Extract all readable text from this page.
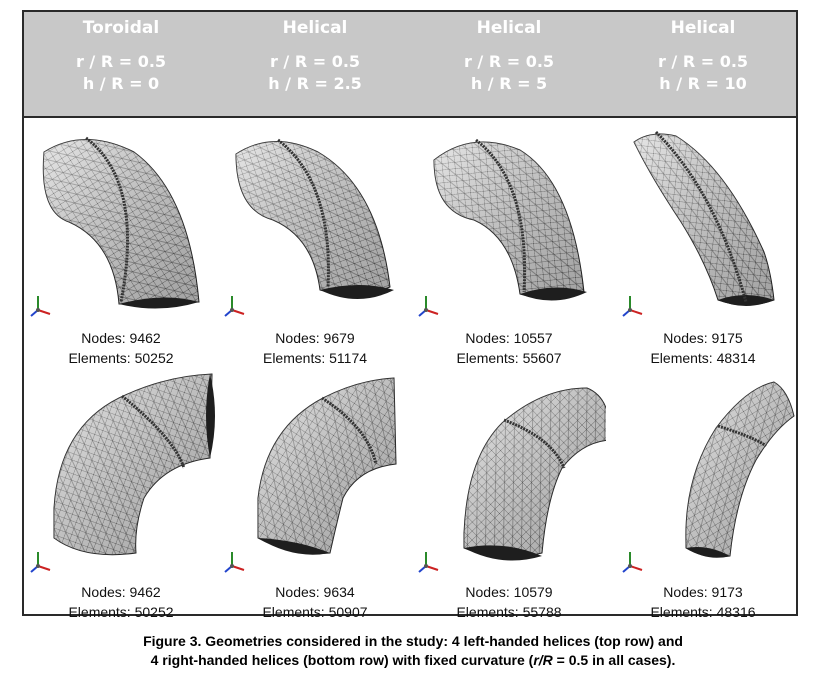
Toroidal
r / R = 0.5
h / R = 0
Helical
r / R = 0.5
h / R = 2.5
Helical
r / R = 0.5
h / R = 5
Helical
r / R = 0.5
h / R = 10
Nodes: 9462
Elements: 50252
Nodes: 9679
Elements: 51174
Nodes: 10557
Elements: 55607
Nodes: 9175
Elements: 48314
Nodes: 9462
Elements: 50252
Nodes: 9634
Elements: 50907
Nodes: 10579
Elements: 55788
Nodes: 9173
Elements: 48316
Figure 3. Geometries considered in the study: 4 left-handed helices (top row) and
4 right-handed helices (bottom row) with fixed curvature (r/R = 0.5 in all cases).
